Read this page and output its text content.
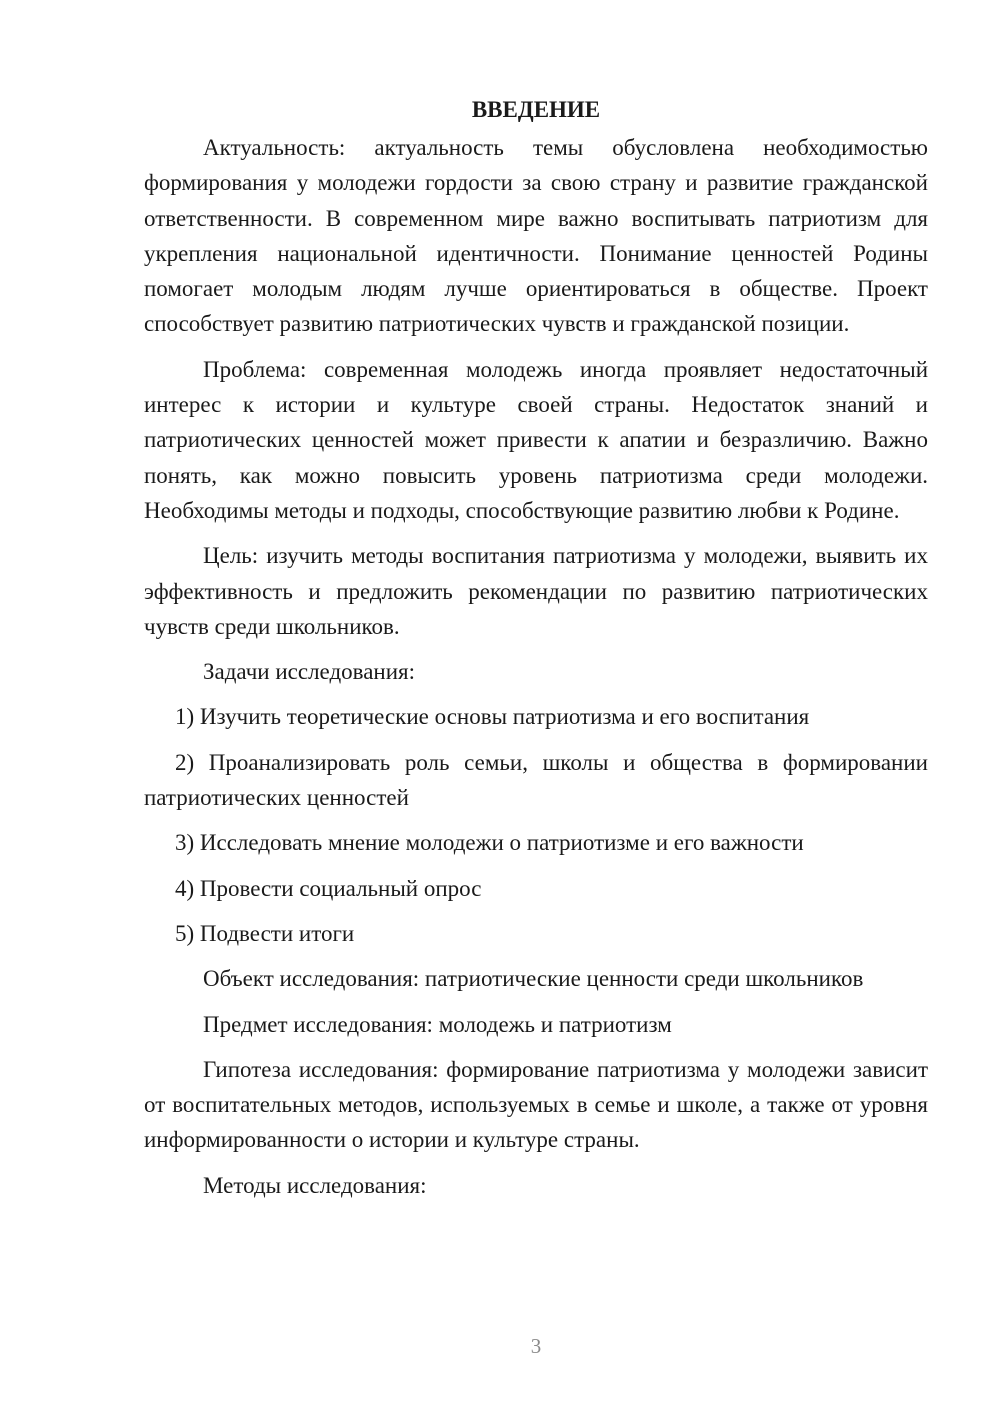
ВВЕДЕНИЕ

Актуальность: актуальность темы обусловлена необходимостью формирования у молодежи гордости за свою страну и развитие гражданской ответственности. В современном мире важно воспитывать патриотизм для укрепления национальной идентичности. Понимание ценностей Родины помогает молодым людям лучше ориентироваться в обществе. Проект способствует развитию патриотических чувств и гражданской позиции.

Проблема: современная молодежь иногда проявляет недостаточный интерес к истории и культуре своей страны. Недостаток знаний и патриотических ценностей может привести к апатии и безразличию. Важно понять, как можно повысить уровень патриотизма среди молодежи. Необходимы методы и подходы, способствующие развитию любви к Родине.

Цель: изучить методы воспитания патриотизма у молодежи, выявить их эффективность и предложить рекомендации по развитию патриотических чувств среди школьников.

Задачи исследования:

1) Изучить теоретические основы патриотизма и его воспитания

2) Проанализировать роль семьи, школы и общества в формировании патриотических ценностей

3) Исследовать мнение молодежи о патриотизме и его важности

4) Провести социальный опрос

5) Подвести итоги

Объект исследования: патриотические ценности среди школьников

Предмет исследования: молодежь и патриотизм

Гипотеза исследования: формирование патриотизма у молодежи зависит от воспитательных методов, используемых в семье и школе, а также от уровня информированности о истории и культуре страны.

Методы исследования:

3
